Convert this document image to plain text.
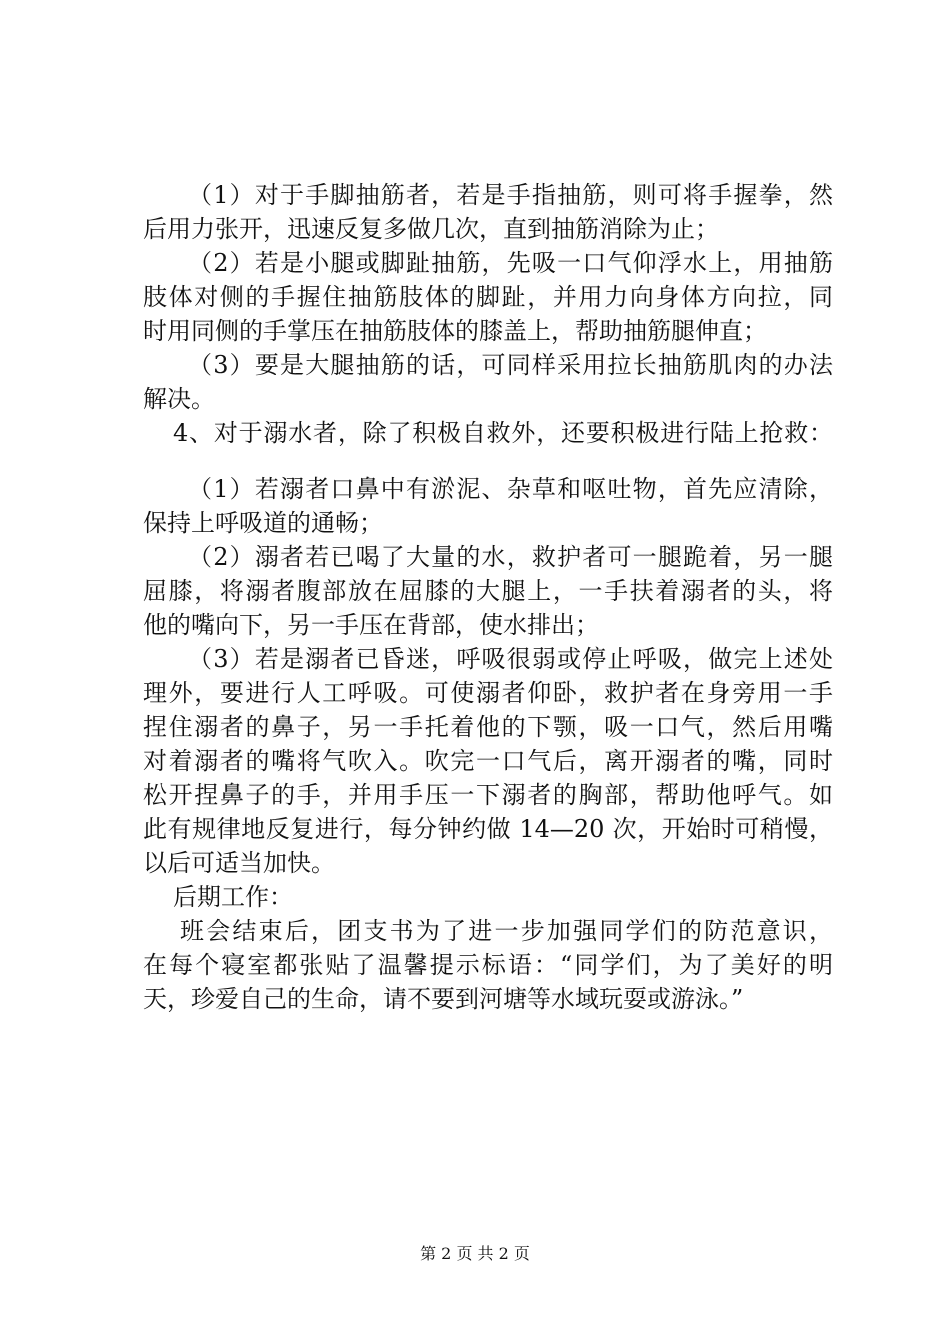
（1）对于手脚抽筋者，若是手指抽筋，则可将手握拳，然
后用力张开，迅速反复多做几次，直到抽筋消除为止；
（2）若是小腿或脚趾抽筋，先吸一口气仰浮水上，用抽筋
肢体对侧的手握住抽筋肢体的脚趾，并用力向身体方向拉，同
时用同侧的手掌压在抽筋肢体的膝盖上，帮助抽筋腿伸直；
（3）要是大腿抽筋的话，可同样采用拉长抽筋肌肉的办法
解决。
4、对于溺水者，除了积极自救外，还要积极进行陆上抢救：
（1）若溺者口鼻中有淤泥、杂草和呕吐物，首先应清除，
保持上呼吸道的通畅；
（2）溺者若已喝了大量的水，救护者可一腿跪着，另一腿
屈膝，将溺者腹部放在屈膝的大腿上，一手扶着溺者的头，将
他的嘴向下，另一手压在背部，使水排出；
（3）若是溺者已昏迷，呼吸很弱或停止呼吸，做完上述处
理外，要进行人工呼吸。可使溺者仰卧，救护者在身旁用一手
捏住溺者的鼻子，另一手托着他的下颚，吸一口气，然后用嘴
对着溺者的嘴将气吹入。吹完一口气后，离开溺者的嘴，同时
松开捏鼻子的手，并用手压一下溺者的胸部，帮助他呼气。如
此有规律地反复进行，每分钟约做 14—20 次，开始时可稍慢，
以后可适当加快。
后期工作：
班会结束后，团支书为了进一步加强同学们的防范意识，
在每个寝室都张贴了温馨提示标语：“同学们，为了美好的明
天，珍爱自己的生命，请不要到河塘等水域玩耍或游泳。”
第 2 页 共 2 页
